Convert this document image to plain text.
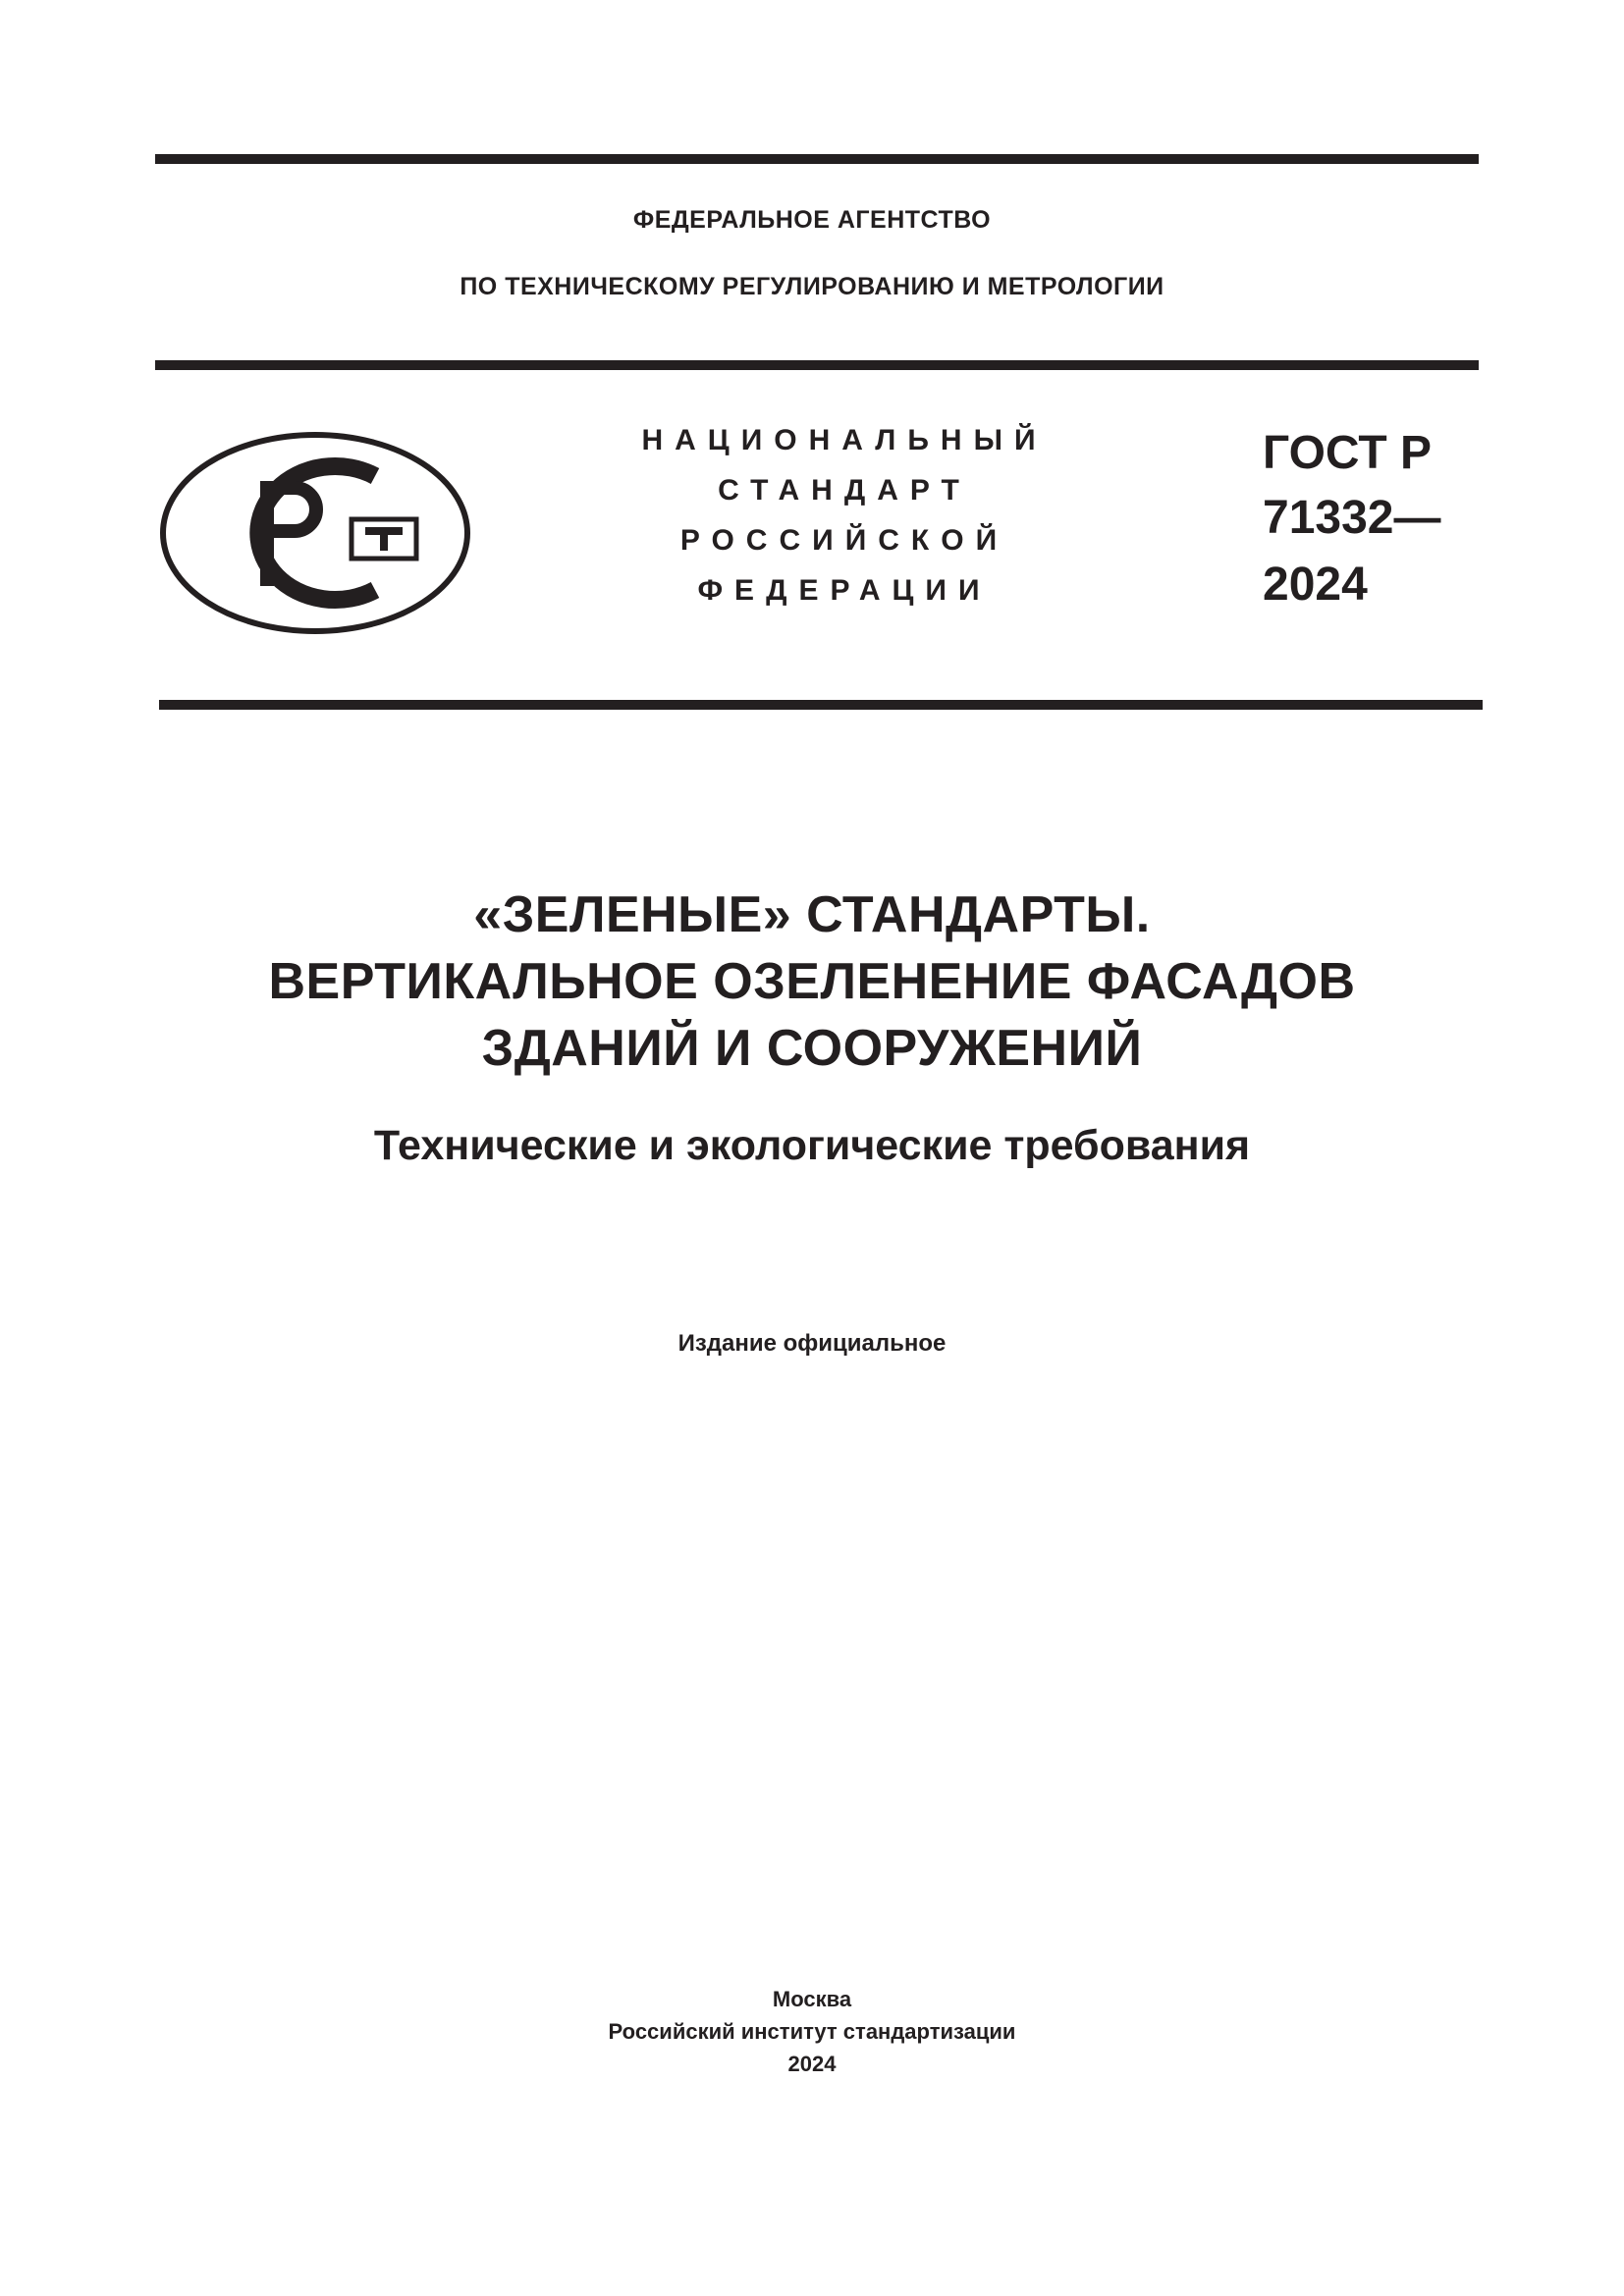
ФЕДЕРАЛЬНОЕ АГЕНТСТВО
ПО ТЕХНИЧЕСКОМУ РЕГУЛИРОВАНИЮ И МЕТРОЛОГИИ
НАЦИОНАЛЬНЫЙ
СТАНДАРТ
РОССИЙСКОЙ
ФЕДЕРАЦИИ
ГОСТ Р
71332—
2024
«ЗЕЛЕНЫЕ» СТАНДАРТЫ.
ВЕРТИКАЛЬНОЕ ОЗЕЛЕНЕНИЕ ФАСАДОВ
ЗДАНИЙ И СООРУЖЕНИЙ
Технические и экологические требования
Издание официальное
Москва
Российский институт стандартизации
2024
